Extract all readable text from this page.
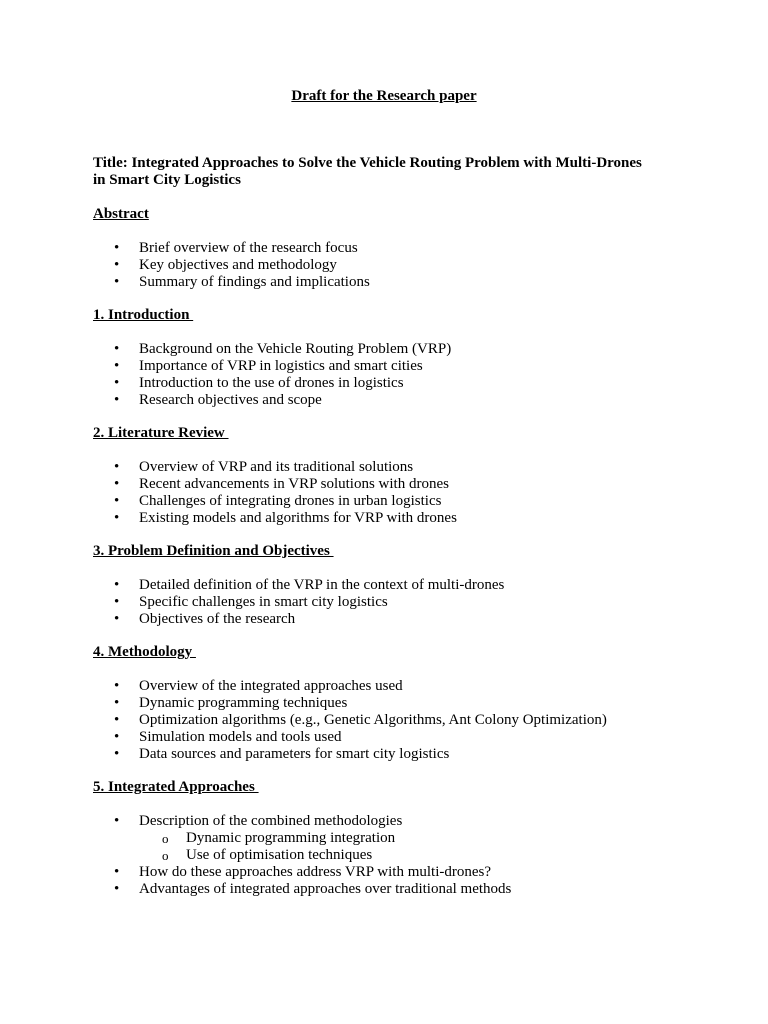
Draft for the Research paper
Title: Integrated Approaches to Solve the Vehicle Routing Problem with Multi-Drones
in Smart City Logistics
Abstract
• Brief overview of the research focus
• Key objectives and methodology
• Summary of findings and implications
1. Introduction
• Background on the Vehicle Routing Problem (VRP)
• Importance of VRP in logistics and smart cities
• Introduction to the use of drones in logistics
• Research objectives and scope
2. Literature Review
• Overview of VRP and its traditional solutions
• Recent advancements in VRP solutions with drones
• Challenges of integrating drones in urban logistics
• Existing models and algorithms for VRP with drones
3. Problem Definition and Objectives
• Detailed definition of the VRP in the context of multi-drones
• Specific challenges in smart city logistics
• Objectives of the research
4. Methodology
• Overview of the integrated approaches used
• Dynamic programming techniques
• Optimization algorithms (e.g., Genetic Algorithms, Ant Colony Optimization)
• Simulation models and tools used
• Data sources and parameters for smart city logistics
5. Integrated Approaches
• Description of the combined methodologies
o Dynamic programming integration
o Use of optimisation techniques
• How do these approaches address VRP with multi-drones?
• Advantages of integrated approaches over traditional methods
